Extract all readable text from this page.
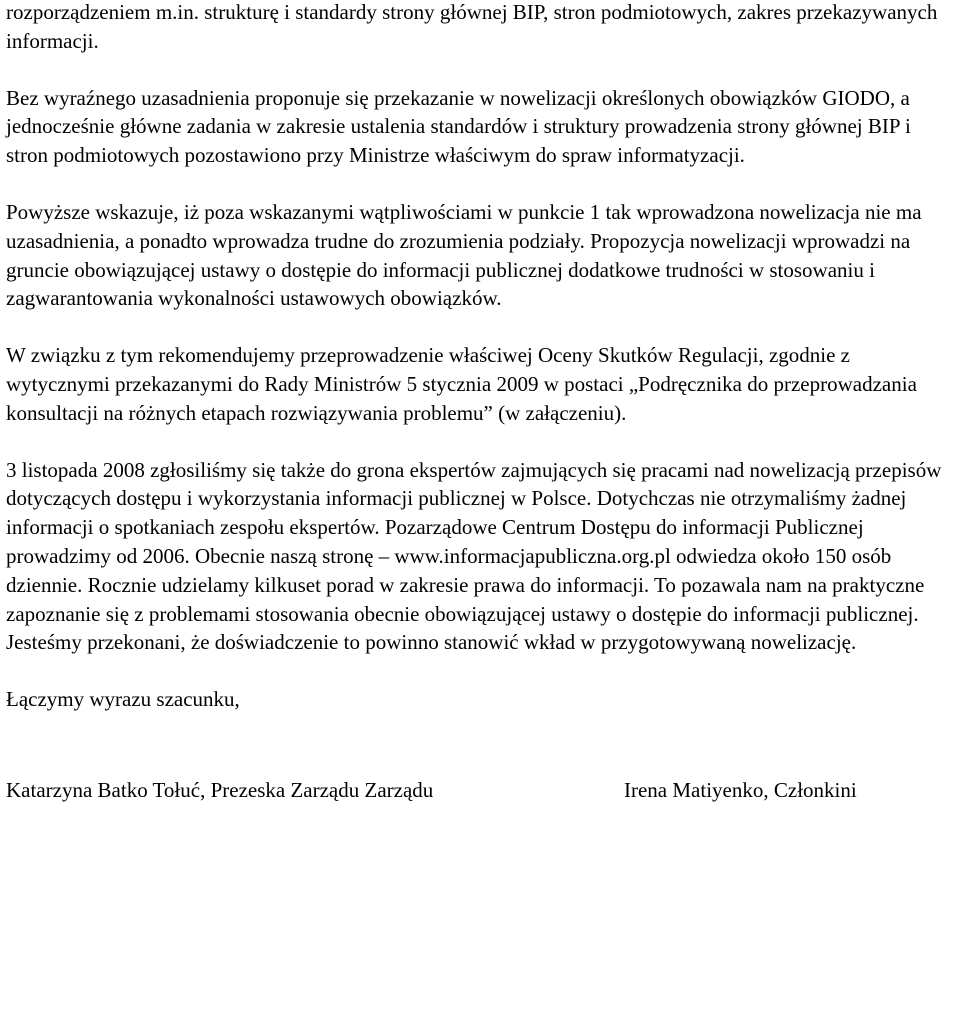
rozporządzeniem m.in. strukturę i standardy strony głównej BIP, stron podmiotowych, zakres przekazywanych informacji.

Bez wyraźnego uzasadnienia proponuje się przekazanie w nowelizacji określonych obowiązków GIODO, a jednocześnie główne zadania w zakresie ustalenia standardów i struktury prowadzenia strony głównej BIP i stron podmiotowych pozostawiono przy Ministrze właściwym do spraw informatyzacji.

Powyższe wskazuje, iż poza wskazanymi wątpliwościami w punkcie 1 tak wprowadzona nowelizacja nie ma uzasadnienia, a ponadto wprowadza trudne do zrozumienia podziały. Propozycja nowelizacji wprowadzi na gruncie obowiązującej ustawy o dostępie do informacji publicznej dodatkowe trudności w stosowaniu i zagwarantowania wykonalności ustawowych obowiązków.

W związku z tym rekomendujemy przeprowadzenie właściwej Oceny Skutków Regulacji, zgodnie z wytycznymi przekazanymi do Rady Ministrów 5 stycznia 2009 w postaci „Podręcznika do przeprowadzania konsultacji na różnych etapach rozwiązywania problemu” (w załączeniu).

3 listopada 2008 zgłosiliśmy się także do grona ekspertów zajmujących się pracami nad nowelizacją przepisów dotyczących dostępu i wykorzystania informacji publicznej w Polsce. Dotychczas nie otrzymaliśmy żadnej informacji o spotkaniach zespołu ekspertów. Pozarządowe Centrum Dostępu do informacji Publicznej prowadzimy od 2006. Obecnie naszą stronę – www.informacjapubliczna.org.pl odwiedza około 150 osób dziennie. Rocznie udzielamy kilkuset porad w zakresie prawa do informacji. To pozawala nam na praktyczne zapoznanie się z problemami stosowania obecnie obowiązującej ustawy o dostępie do informacji publicznej. Jesteśmy przekonani, że doświadczenie to powinno stanowić wkład w przygotowywaną nowelizację.

Łączymy wyrazu szacunku,

Katarzyna Batko Tołuć, Prezeska Zarządu Zarządu	Irena Matiyenko, Członkini
